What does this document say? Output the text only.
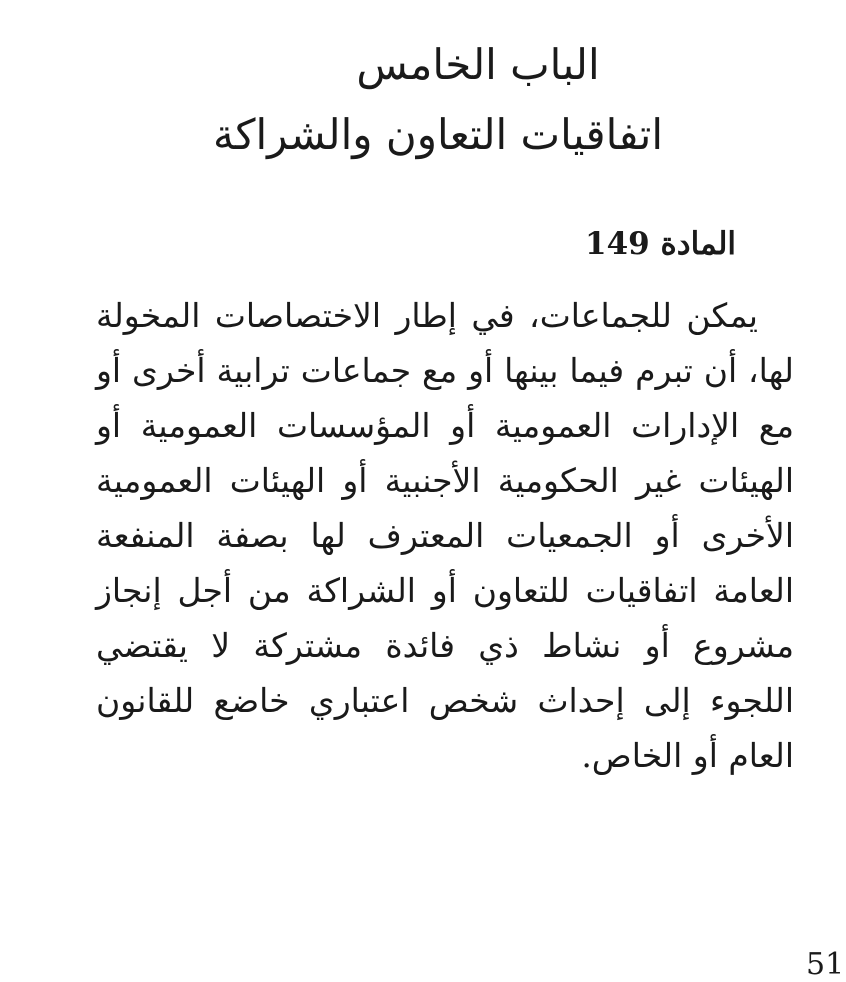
الباب الخامس
اتفاقيات التعاون والشراكة
المادة 149

يمكن للجماعات، في إطار الاختصاصات المخولة لها، أن تبرم فيما بينها أو مع جماعات ترابية أخرى أو مع الإدارات العمومية أو المؤسسات العمومية أو الهيئات غير الحكومية الأجنبية أو الهيئات العمومية الأخرى أو الجمعيات المعترف لها بصفة المنفعة العامة اتفاقيات للتعاون أو الشراكة من أجل إنجاز مشروع أو نشاط ذي فائدة مشتركة لا يقتضي اللجوء إلى إحداث شخص اعتباري خاضع للقانون العام أو الخاص.

51
